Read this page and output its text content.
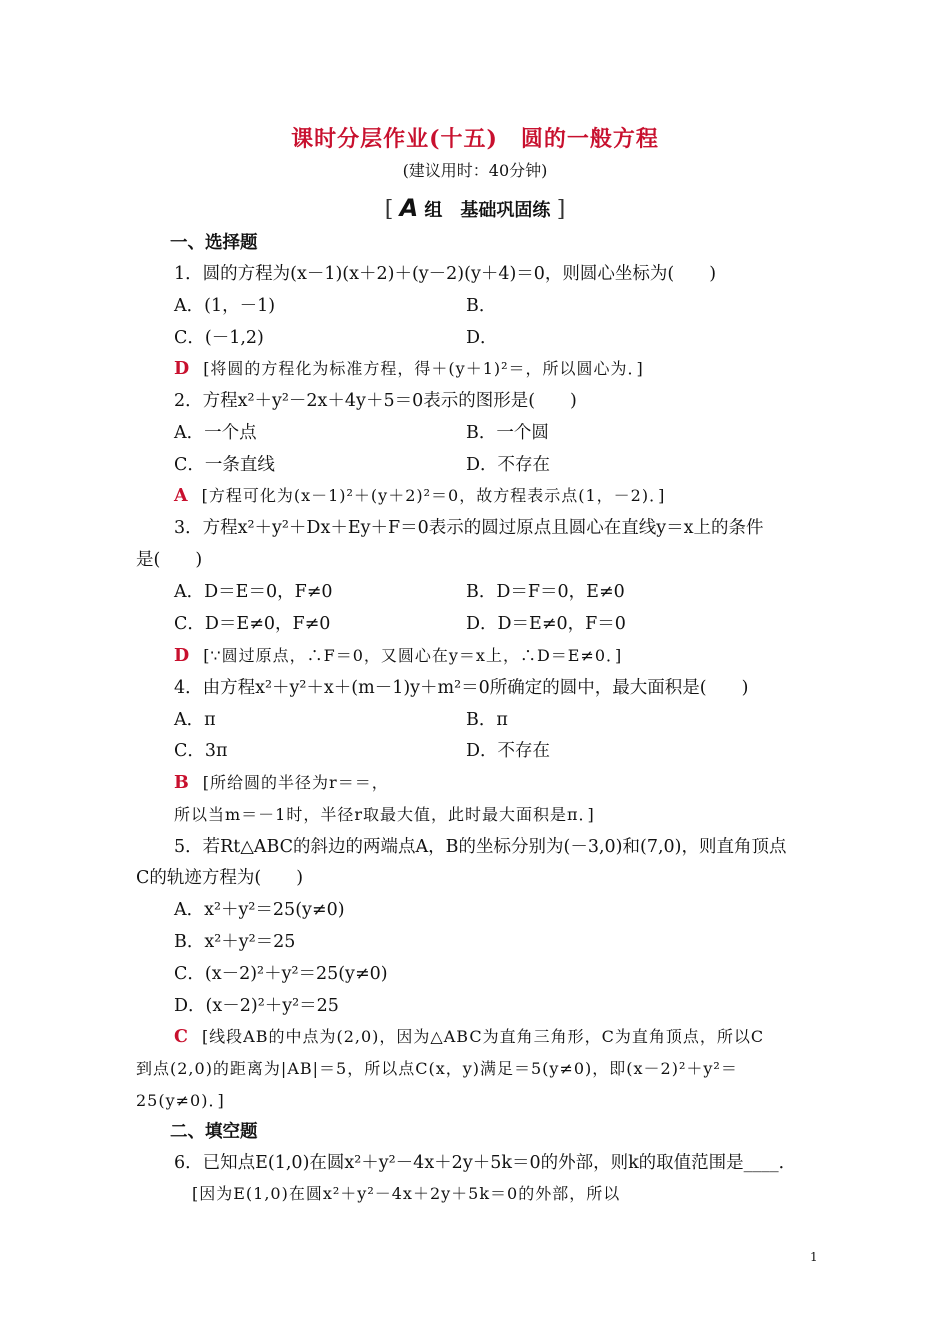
课时分层作业(十五)　圆的一般方程
(建议用时：40分钟)
[ A 组　基础巩固练 ]
一、选择题
1．圆的方程为(x－1)(x＋2)＋(y－2)(y＋4)＝0，则圆心坐标为(　　)
A．(1，－1)	B．
C．(－1,2)	D．
D [将圆的方程化为标准方程，得＋(y＋1)²＝，所以圆心为．]
2．方程x²＋y²－2x＋4y＋5＝0表示的图形是(　　)
A．一个点	B．一个圆
C．一条直线	D．不存在
A [方程可化为(x－1)²＋(y＋2)²＝0，故方程表示点(1，－2)．]
3．方程x²＋y²＋Dx＋Ey＋F＝0表示的圆过原点且圆心在直线y＝x上的条件
是(　　)
A．D＝E＝0，F≠0	B．D＝F＝0，E≠0
C．D＝E≠0，F≠0	D．D＝E≠0，F＝0
D [∵圆过原点，∴F＝0，又圆心在y＝x上，∴D＝E≠0．]
4．由方程x²＋y²＋x＋(m－1)y＋m²＝0所确定的圆中，最大面积是(　　)
A．π	B．π
C．3π	D．不存在
B [所给圆的半径为r＝＝，
所以当m＝－1时，半径r取最大值，此时最大面积是π．]
5．若Rt△ABC的斜边的两端点A，B的坐标分别为(－3,0)和(7,0)，则直角顶点
C的轨迹方程为(　　)
A．x²＋y²＝25(y≠0)
B．x²＋y²＝25
C．(x－2)²＋y²＝25(y≠0)
D．(x－2)²＋y²＝25
C [线段AB的中点为(2,0)，因为△ABC为直角三角形，C为直角顶点，所以C
到点(2,0)的距离为|AB|＝5，所以点C(x，y)满足＝5(y≠0)，即(x－2)²＋y²＝
25(y≠0)．]
二、填空题
6．已知点E(1,0)在圆x²＋y²－4x＋2y＋5k＝0的外部，则k的取值范围是____．
[因为E(1,0)在圆x²＋y²－4x＋2y＋5k＝0的外部，所以
1
